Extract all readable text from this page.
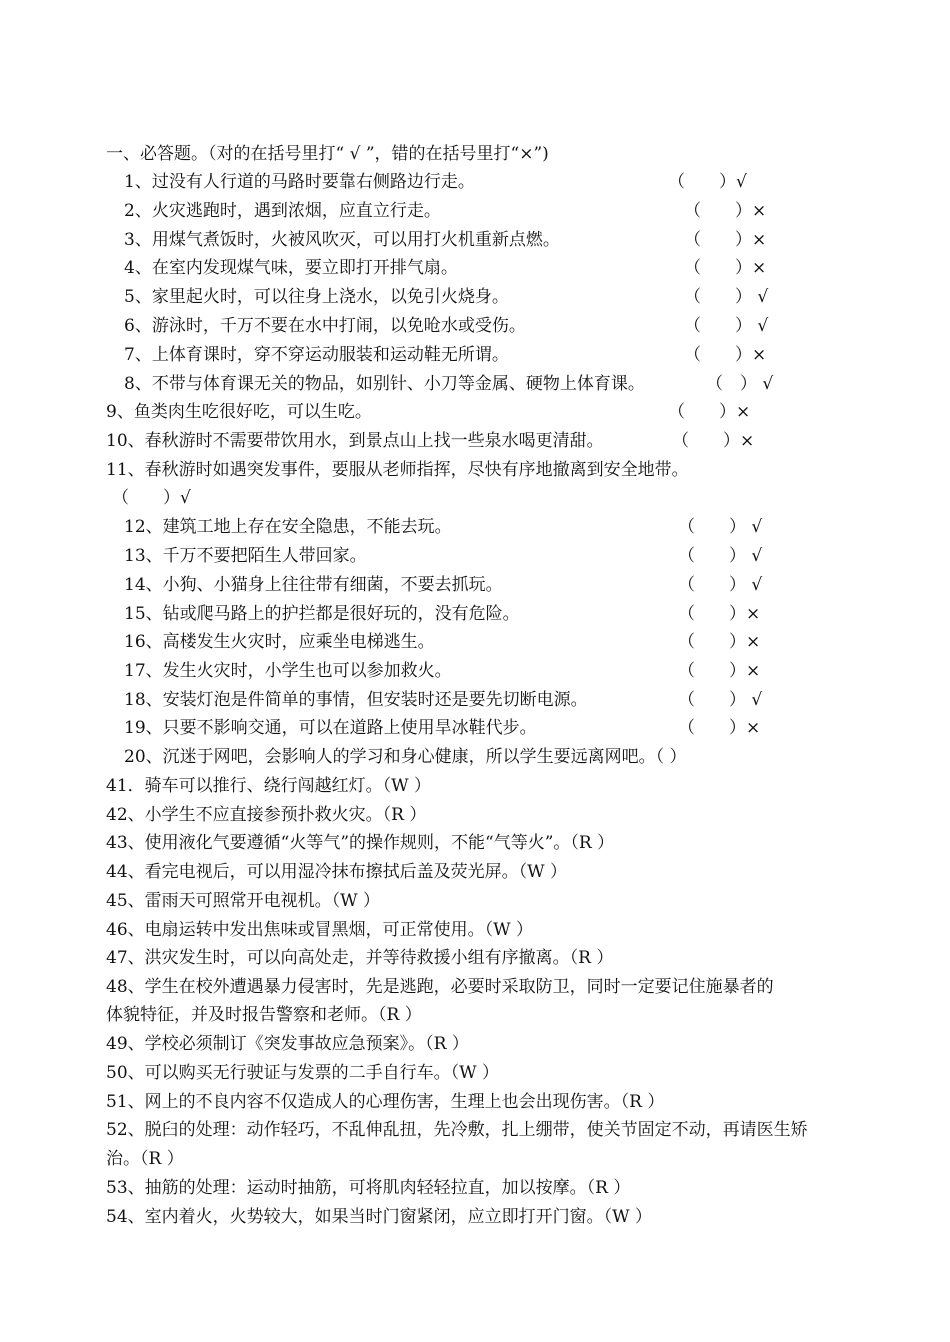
一、必答题。（对的在括号里打“ √ ”，错的在括号里打“×”)
1、过没有人行道的马路时要靠右侧路边行走。	（　　）√
2、火灾逃跑时，遇到浓烟，应直立行走。	（　　）×
3、用煤气煮饭时，火被风吹灭，可以用打火机重新点燃。	（　　）×
4、在室内发现煤气味，要立即打开排气扇。	（　　）×
5、家里起火时，可以往身上浇水，以免引火烧身。	（　　） √
6、游泳时，千万不要在水中打闹，以免呛水或受伤。	（　　） √
7、上体育课时，穿不穿运动服装和运动鞋无所谓。	（　　）×
8、不带与体育课无关的物品，如别针、小刀等金属、硬物上体育课。	（　） √
9、鱼类肉生吃很好吃，可以生吃。	（　　）×
10、春秋游时不需要带饮用水，到景点山上找一些泉水喝更清甜。	（　　）×
11、春秋游时如遇突发事件，要服从老师指挥，尽快有序地撤离到安全地带。
（　　）√
12、建筑工地上存在安全隐患，不能去玩。	（　　） √
13、千万不要把陌生人带回家。	（　　） √
14、小狗、小猫身上往往带有细菌，不要去抓玩。	（　　） √
15、钻或爬马路上的护拦都是很好玩的，没有危险。	（　　）×
16、高楼发生火灾时，应乘坐电梯逃生。	（　　）×
17、发生火灾时，小学生也可以参加救火。	（　　）×
18、安装灯泡是件简单的事情，但安装时还是要先切断电源。	（　　） √
19、只要不影响交通，可以在道路上使用旱冰鞋代步。	（　　）×
20、沉迷于网吧，会影响人的学习和身心健康，所以学生要远离网吧。（ ）
41．骑车可以推行、绕行闯越红灯。（W ）
42、小学生不应直接参预扑救火灾。（R ）
43、使用液化气要遵循“火等气”的操作规则，不能“气等火”。（R ）
44、看完电视后，可以用湿冷抹布擦拭后盖及荧光屏。（W ）
45、雷雨天可照常开电视机。（W ）
46、电扇运转中发出焦味或冒黑烟，可正常使用。（W ）
47、洪灾发生时，可以向高处走，并等待救援小组有序撤离。（R ）
48、学生在校外遭遇暴力侵害时，先是逃跑，必要时采取防卫，同时一定要记住施暴者的
体貌特征，并及时报告警察和老师。（R ）
49、学校必须制订《突发事故应急预案》。（R ）
50、可以购买无行驶证与发票的二手自行车。（W ）
51、网上的不良内容不仅造成人的心理伤害，生理上也会出现伤害。（R ）
52、脱臼的处理：动作轻巧，不乱伸乱扭，先冷敷，扎上绷带，使关节固定不动，再请医生矫
治。（R ）
53、抽筋的处理：运动时抽筋，可将肌肉轻轻拉直，加以按摩。（R ）
54、室内着火，火势较大，如果当时门窗紧闭，应立即打开门窗。（W ）
